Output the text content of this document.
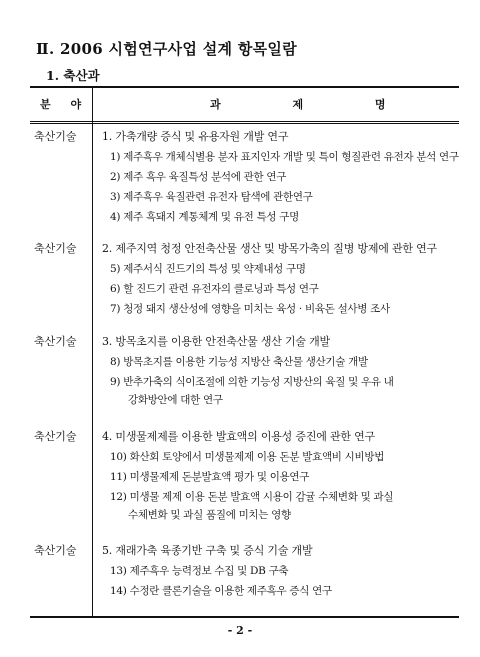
Ⅱ. 2006 시험연구사업 설계 항목일람
1. 축산과
분 야	과 제 명
축산기술 1. 가축개량 증식 및 유용자원 개발 연구
1) 제주흑우 개체식별용 분자 표지인자 개발 및 특이 형질관련 유전자 분석 연구
2) 제주 흑우 육질특성 분석에 관한 연구
3) 제주흑우 육질관련 유전자 탐색에 관한연구
4) 제주 흑돼지 계통체계 및 유전 특성 구명
축산기술 2. 제주지역 청정 안전축산물 생산 및 방목가축의 질병 방제에 관한 연구
5) 제주서식 진드기의 특성 및 약제내성 구명
6) 할 진드기 관련 유전자의 클로닝과 특성 연구
7) 청정 돼지 생산성에 영향을 미치는 육성 · 비육돈 설사병 조사
축산기술 3. 방목초지를 이용한 안전축산물 생산 기술 개발
8) 방목초지를 이용한 기능성 지방산 축산물 생산기술 개발
9) 반추가축의 식이조절에 의한 기능성 지방산의 육질 및 우유 내
강화방안에 대한 연구
축산기술 4. 미생물제제를 이용한 발효액의 이용성 증진에 관한 연구
10) 화산회 토양에서 미생물제제 이용 돈분 발효액비 시비방법
11) 미생물제제 돈분발효액 평가 및 이용연구
12) 미생물 제제 이용 돈분 발효액 시용이 감귤 수체변화 및 과실
수체변화 및 과실 품질에 미치는 영향
축산기술 5. 재래가축 육종기반 구축 및 증식 기술 개발
13) 제주흑우 능력정보 수집 및 DB 구축
14) 수정란 클론기술을 이용한 제주흑우 증식 연구
- 2 -
